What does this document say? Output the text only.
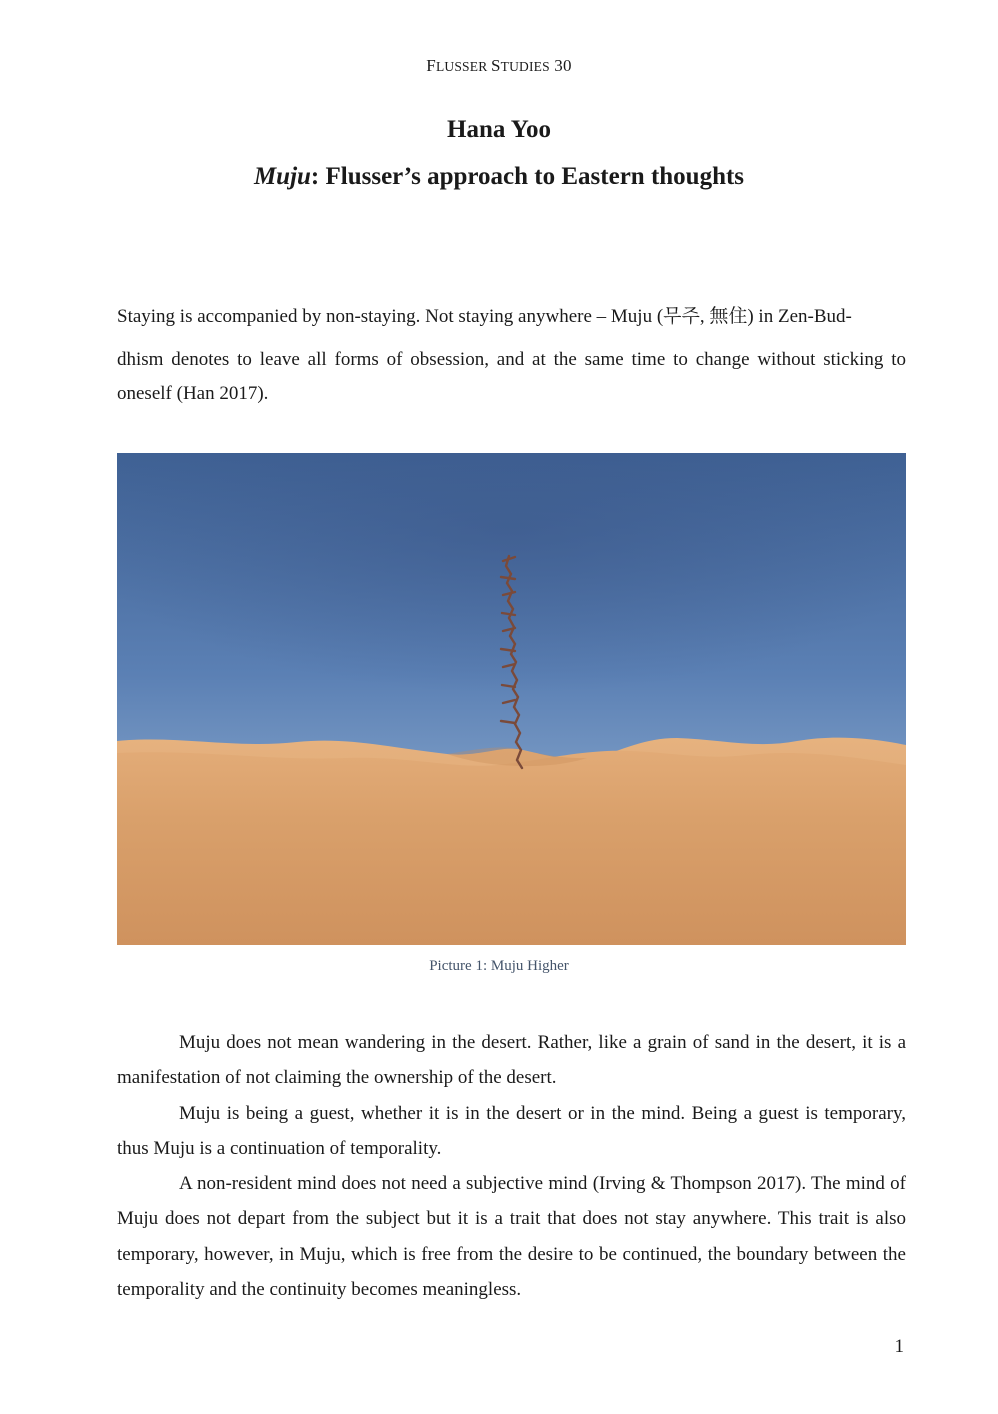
FLUSSER STUDIES 30
Hana Yoo
Muju: Flusser’s approach to Eastern thoughts

Staying is accompanied by non-staying. Not staying anywhere – Muju (무주, 無住) in Zen-Bud-
dhism denotes to leave all forms of obsession, and at the same time to change without sticking to oneself (Han 2017).

Picture 1: Muju Higher

Muju does not mean wandering in the desert. Rather, like a grain of sand in the desert, it is a manifestation of not claiming the ownership of the desert.

Muju is being a guest, whether it is in the desert or in the mind. Being a guest is temporary, thus Muju is a continuation of temporality.

A non-resident mind does not need a subjective mind (Irving & Thompson 2017). The mind of Muju does not depart from the subject but it is a trait that does not stay anywhere. This trait is also temporary, however, in Muju, which is free from the desire to be continued, the boundary between the temporality and the continuity becomes meaningless.

1
